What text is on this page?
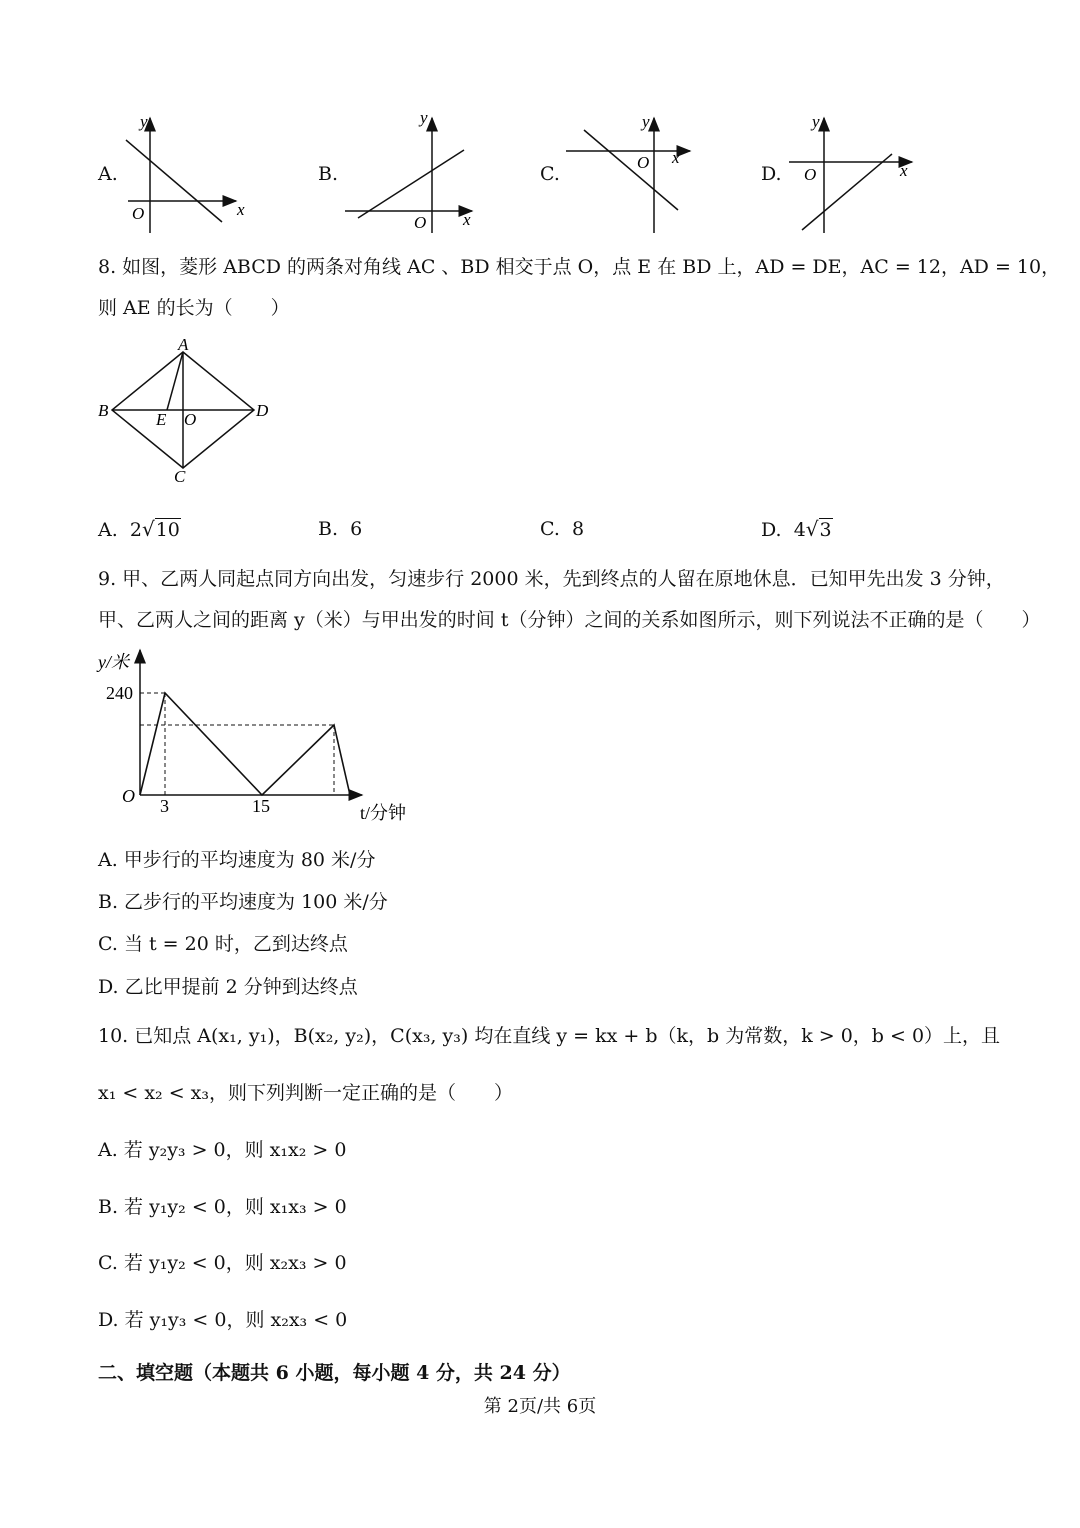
A.
y
x
O
B.
y
x
O
C.
y
x
O
D.
y
x
O
8. 如图，菱形 ABCD 的两条对角线 AC 、BD 相交于点 O，点 E 在 BD 上，AD = DE，AC = 12，AD = 10，
则 AE 的长为（　　）
A
B
C
D
E O
A. 2√10	B. 6	C. 8	D. 4√3
9. 甲、乙两人同起点同方向出发，匀速步行 2000 米，先到终点的人留在原地休息．已知甲先出发 3 分钟，
甲、乙两人之间的距离 y（米）与甲出发的时间 t（分钟）之间的关系如图所示，则下列说法不正确的是（　　）
y/米
240
O 3	15	t/分钟
A. 甲步行的平均速度为 80 米/分
B. 乙步行的平均速度为 100 米/分
C. 当 t = 20 时，乙到达终点
D. 乙比甲提前 2 分钟到达终点
10. 已知点 A(x₁, y₁)，B(x₂, y₂)，C(x₃, y₃) 均在直线 y = kx + b（k，b 为常数，k > 0，b < 0）上，且
x₁ < x₂ < x₃，则下列判断一定正确的是（　　）
A. 若 y₂y₃ > 0，则 x₁x₂ > 0
B. 若 y₁y₂ < 0，则 x₁x₃ > 0
C. 若 y₁y₂ < 0，则 x₂x₃ > 0
D. 若 y₁y₃ < 0，则 x₂x₃ < 0
二、填空题（本题共 6 小题，每小题 4 分，共 24 分）
第 2页/共 6页
